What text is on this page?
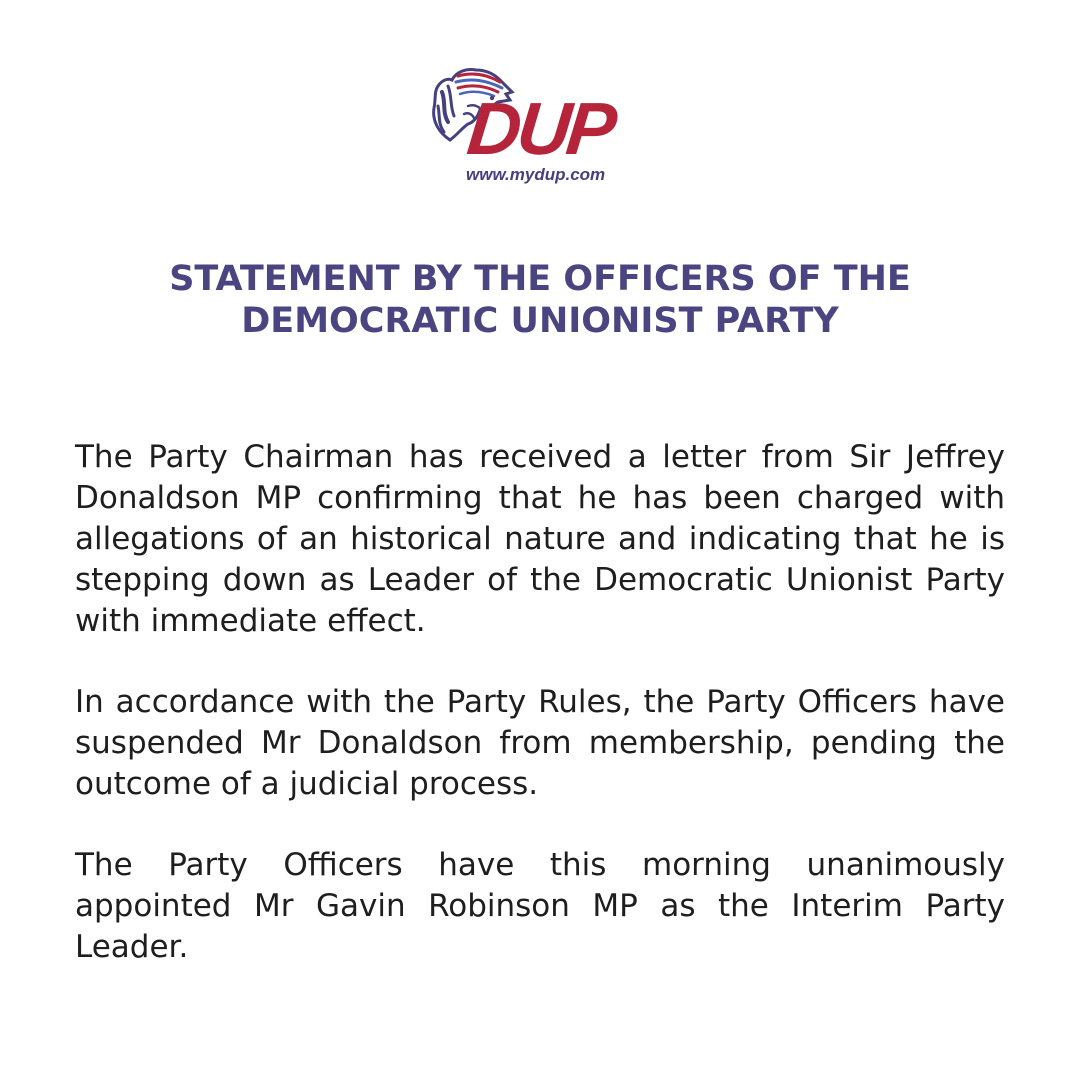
DUP
www.mydup.com
STATEMENT BY THE OFFICERS OF THE
DEMOCRATIC UNIONIST PARTY

The Party Chairman has received a letter from Sir Jeffrey Donaldson MP confirming that he has been charged with allegations of an historical nature and indicating that he is stepping down as Leader of the Democratic Unionist Party with immediate effect.

In accordance with the Party Rules, the Party Officers have suspended Mr Donaldson from membership, pending the outcome of a judicial process.

The Party Officers have this morning unanimously appointed Mr Gavin Robinson MP as the Interim Party Leader.
